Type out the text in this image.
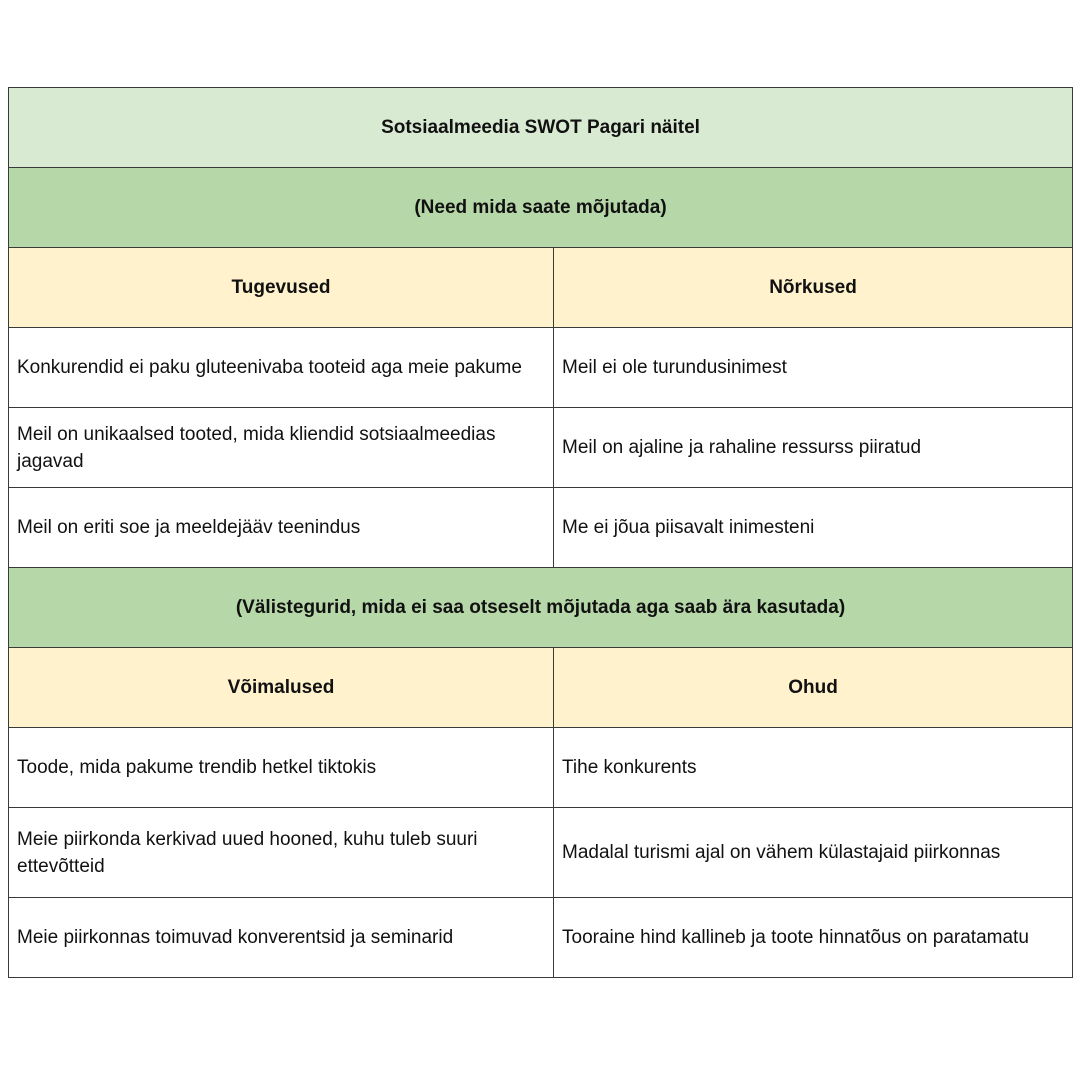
Sotsiaalmeedia SWOT Pagari näitel	
(Need mida saate mõjutada)	
Tugevused	Nõrkused
Konkurendid ei paku gluteenivaba tooteid aga meie pakume	Meil ei ole turundusinimest
Meil on unikaalsed tooted, mida kliendid sotsiaalmeedias jagavad	Meil on ajaline ja rahaline ressurss piiratud
Meil on eriti soe ja meeldejääv teenindus	Me ei jõua piisavalt inimesteni
(Välistegurid, mida ei saa otseselt mõjutada aga saab ära kasutada)	
Võimalused	Ohud
Toode, mida pakume trendib hetkel tiktokis	Tihe konkurents
Meie piirkonda kerkivad uued hooned, kuhu tuleb suuri ettevõtteid	Madalal turismi ajal on vähem külastajaid piirkonnas
Meie piirkonnas toimuvad konverentsid ja seminarid	Tooraine hind kallineb ja toote hinnatõus on paratamatu
